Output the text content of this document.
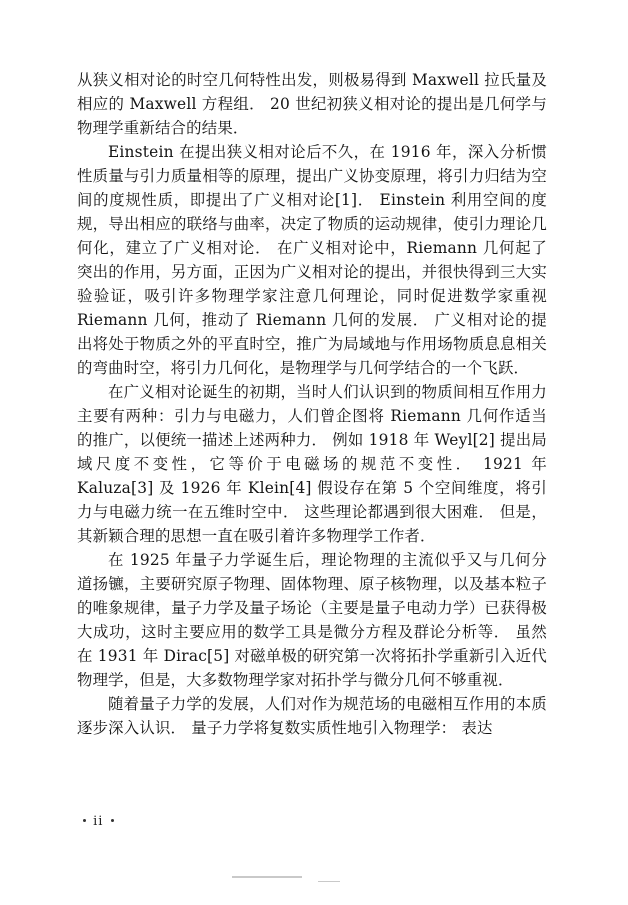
从狭义相对论的时空几何特性出发，则极易得到 Maxwell 拉氏量及相应的 Maxwell 方程组． 20 世纪初狭义相对论的提出是几何学与物理学重新结合的结果．

Einstein 在提出狭义相对论后不久，在 1916 年，深入分析惯性质量与引力质量相等的原理，提出广义协变原理，将引力归结为空间的度规性质，即提出了广义相对论[1]． Einstein 利用空间的度规，导出相应的联络与曲率，决定了物质的运动规律，使引力理论几何化，建立了广义相对论． 在广义相对论中，Riemann 几何起了突出的作用，另方面，正因为广义相对论的提出，并很快得到三大实验验证，吸引许多物理学家注意几何理论，同时促进数学家重视 Riemann 几何，推动了 Riemann 几何的发展． 广义相对论的提出将处于物质之外的平直时空，推广为局域地与作用场物质息息相关的弯曲时空，将引力几何化，是物理学与几何学结合的一个飞跃．

在广义相对论诞生的初期，当时人们认识到的物质间相互作用力主要有两种：引力与电磁力，人们曾企图将 Riemann 几何作适当的推广，以便统一描述上述两种力． 例如 1918 年 Weyl[2] 提出局域尺度不变性，它等价于电磁场的规范不变性． 1921 年 Kaluza[3] 及 1926 年 Klein[4] 假设存在第 5 个空间维度，将引力与电磁力统一在五维时空中． 这些理论都遇到很大困难． 但是，其新颖合理的思想一直在吸引着许多物理学工作者．

在 1925 年量子力学诞生后，理论物理的主流似乎又与几何分道扬镳，主要研究原子物理、固体物理、原子核物理，以及基本粒子的唯象规律，量子力学及量子场论（主要是量子电动力学）已获得极大成功，这时主要应用的数学工具是微分方程及群论分析等． 虽然在 1931 年 Dirac[5] 对磁单极的研究第一次将拓扑学重新引入近代物理学，但是，大多数物理学家对拓扑学与微分几何不够重视．

随着量子力学的发展，人们对作为规范场的电磁相互作用的本质逐步深入认识． 量子力学将复数实质性地引入物理学： 表达

ii
